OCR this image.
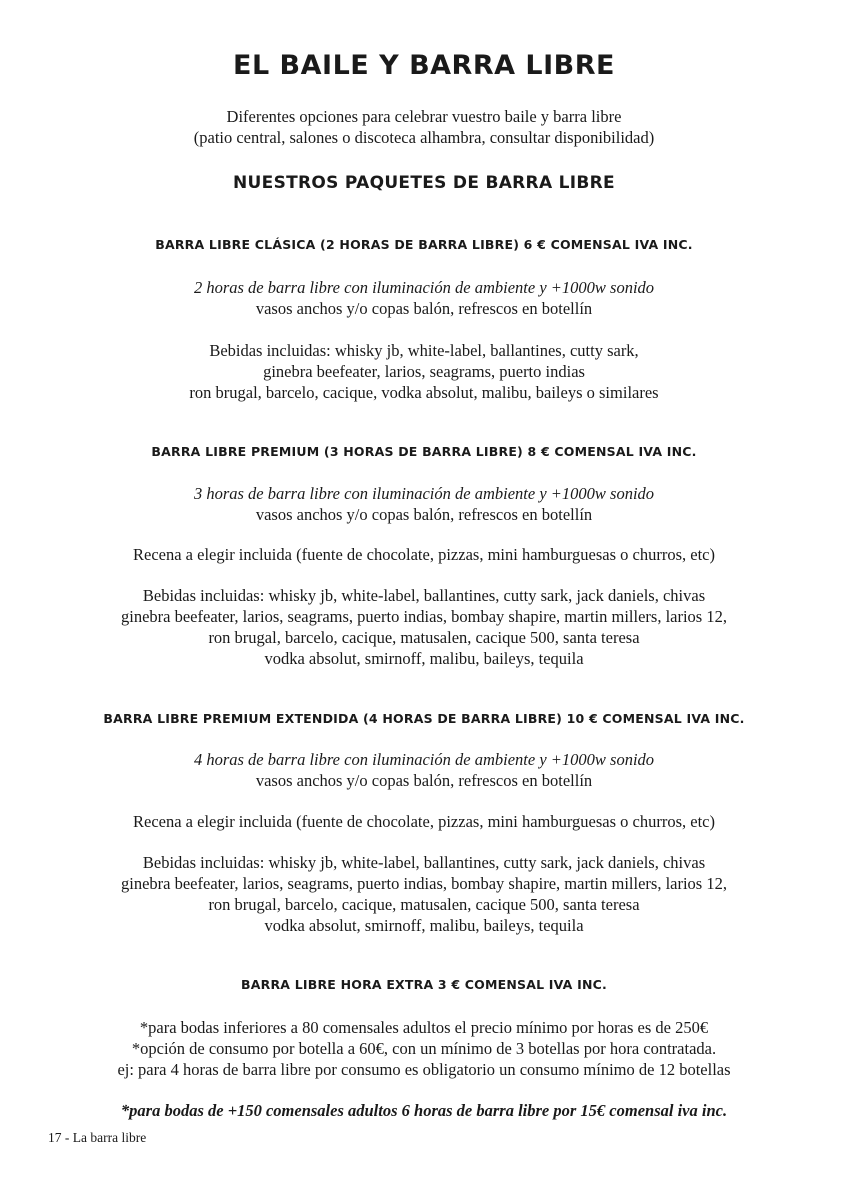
EL BAILE Y BARRA LIBRE
Diferentes opciones para celebrar vuestro baile y barra libre
(patio central, salones o discoteca alhambra, consultar disponibilidad)
NUESTROS PAQUETES DE BARRA LIBRE
BARRA LIBRE CLÁSICA (2 HORAS DE BARRA LIBRE) 6 € COMENSAL IVA INC.
2 horas de barra libre con iluminación de ambiente y +1000w sonido
vasos anchos y/o copas balón, refrescos en botellín
Bebidas incluidas: whisky jb, white-label, ballantines, cutty sark,
ginebra beefeater, larios, seagrams, puerto indias
ron brugal, barcelo, cacique, vodka absolut, malibu, baileys o similares
BARRA LIBRE PREMIUM (3 HORAS DE BARRA LIBRE) 8 € COMENSAL IVA INC.
3 horas de barra libre con iluminación de ambiente y +1000w sonido
vasos anchos y/o copas balón, refrescos en botellín
Recena a elegir incluida (fuente de chocolate, pizzas, mini hamburguesas o churros, etc)
Bebidas incluidas: whisky jb, white-label, ballantines, cutty sark, jack daniels, chivas
ginebra beefeater, larios, seagrams, puerto indias, bombay shapire, martin millers, larios 12,
ron brugal, barcelo, cacique, matusalen, cacique 500, santa teresa
vodka absolut, smirnoff, malibu, baileys, tequila
BARRA LIBRE PREMIUM EXTENDIDA (4 HORAS DE BARRA LIBRE) 10 € COMENSAL IVA INC.
4 horas de barra libre con iluminación de ambiente y +1000w sonido
vasos anchos y/o copas balón, refrescos en botellín
Recena a elegir incluida (fuente de chocolate, pizzas, mini hamburguesas o churros, etc)
Bebidas incluidas: whisky jb, white-label, ballantines, cutty sark, jack daniels, chivas
ginebra beefeater, larios, seagrams, puerto indias, bombay shapire, martin millers, larios 12,
ron brugal, barcelo, cacique, matusalen, cacique 500, santa teresa
vodka absolut, smirnoff, malibu, baileys, tequila
BARRA LIBRE HORA EXTRA 3 € COMENSAL IVA INC.
*para bodas inferiores a 80 comensales adultos el precio mínimo por horas es de 250€
*opción de consumo por botella a 60€, con un mínimo de 3 botellas por hora contratada.
ej: para 4 horas de barra libre por consumo es obligatorio un consumo mínimo de 12 botellas
*para bodas de +150 comensales adultos 6 horas de barra libre por 15€ comensal iva inc.
17 - La barra libre
